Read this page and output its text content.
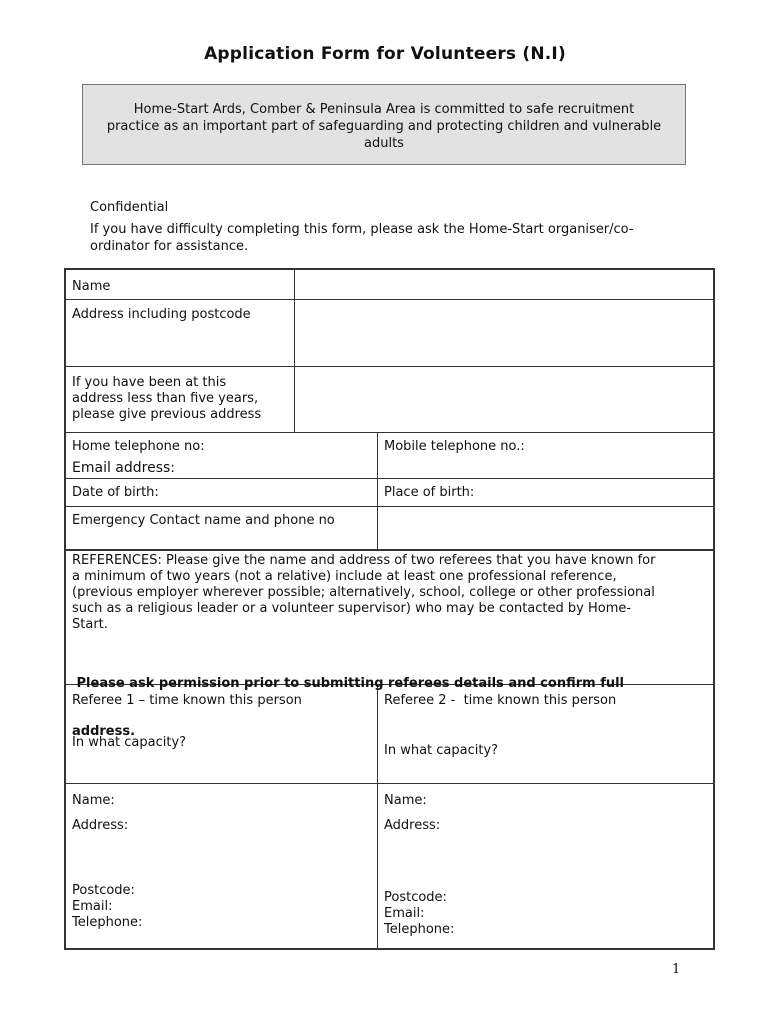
Application Form for Volunteers (N.I)
Home-Start Ards, Comber & Peninsula Area is committed to safe recruitment
practice as an important part of safeguarding and protecting children and vulnerable
adults
Confidential
If you have difficulty completing this form, please ask the Home-Start organiser/co-
ordinator for assistance.
Name
Address including postcode
If you have been at this
address less than five years,
please give previous address
Home telephone no:
Email address:
Mobile telephone no.:
Date of birth:	Place of birth:
Emergency Contact name and phone no
REFERENCES: Please give the name and address of two referees that you have known for
a minimum of two years (not a relative) include at least one professional reference,
(previous employer wherever possible; alternatively, school, college or other professional
such as a religious leader or a volunteer supervisor) who may be contacted by Home-
Start.

Please ask permission prior to submitting referees details and confirm full

address.

Referee 1 – time known this person
In what capacity?
Name:
Address:
Postcode:
Email:
Telephone:
Referee 2 -  time known this person
In what capacity?
Name:
Address:
Postcode:
Email:
Telephone:
1
